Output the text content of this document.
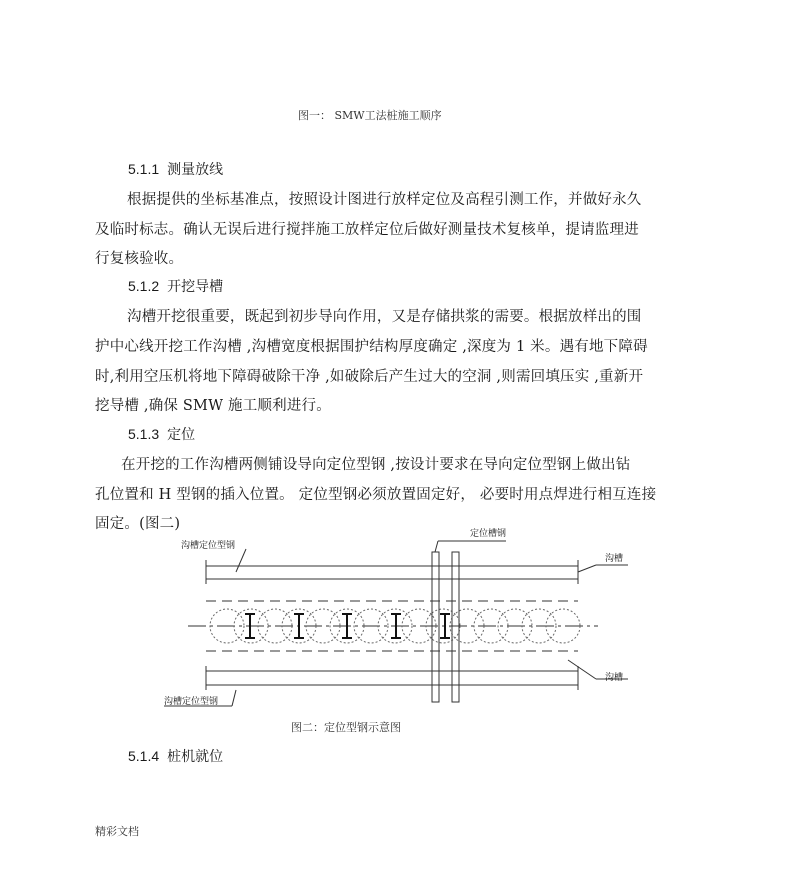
图一： SMW工法桩施工顺序
5.1.1 测量放线
根据提供的坐标基准点，按照设计图进行放样定位及高程引测工作，并做好永久
及临时标志。确认无误后进行搅拌施工放样定位后做好测量技术复核单，提请监理进
行复核验收。
5.1.2 开挖导槽
沟槽开挖很重要，既起到初步导向作用，又是存储拱浆的需要。根据放样出的围
护中心线开挖工作沟槽 ,沟槽宽度根据围护结构厚度确定 ,深度为 1 米。遇有地下障碍
时,利用空压机将地下障碍破除干净 ,如破除后产生过大的空洞 ,则需回填压实 ,重新开
挖导槽 ,确保 SMW 施工顺利进行。
5.1.3 定位
在开挖的工作沟槽两侧铺设导向定位型钢 ,按设计要求在导向定位型钢上做出钻
孔位置和 H 型钢的插入位置。 定位型钢必须放置固定好， 必要时用点焊进行相互连接
固定。(图二)
沟槽定位型钢
定位槽钢
沟槽
沟槽
沟槽定位型钢
图二：定位型钢示意图
5.1.4 桩机就位
精彩文档
